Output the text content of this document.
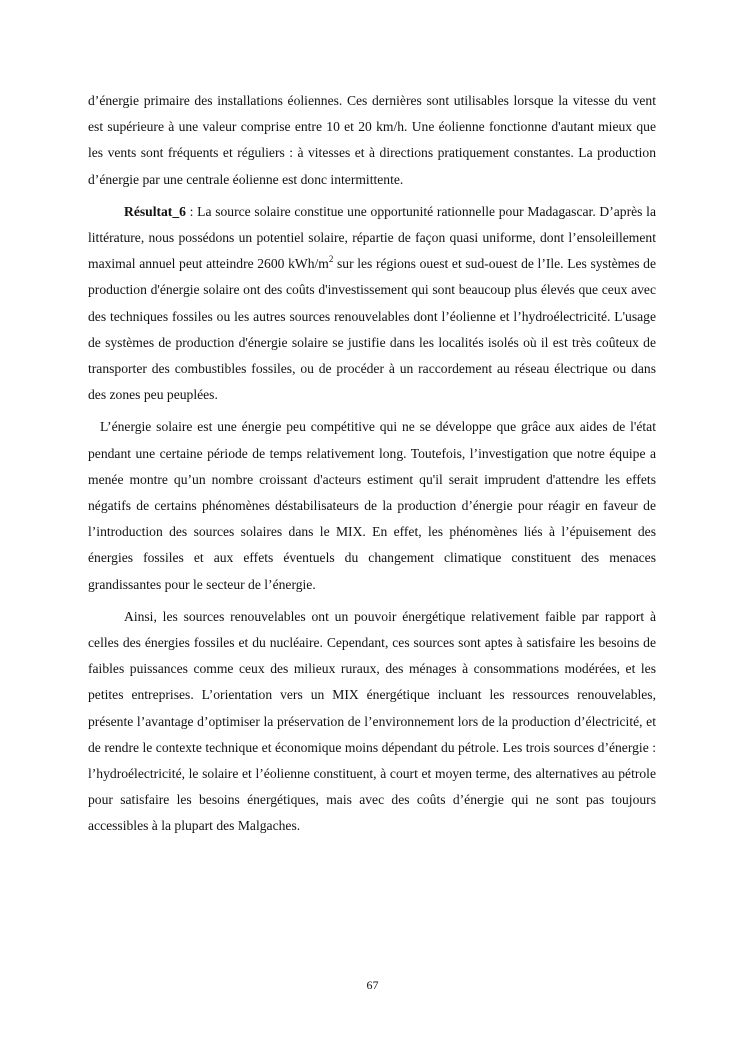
d’énergie primaire des installations éoliennes. Ces dernières sont utilisables lorsque la vitesse du vent est supérieure à une valeur comprise entre 10 et 20 km/h. Une éolienne fonctionne d'autant mieux que les vents sont fréquents et réguliers : à vitesses et à directions pratiquement constantes. La production d’énergie par une centrale éolienne est donc intermittente.

Résultat_6 : La source solaire constitue une opportunité rationnelle pour Madagascar. D’après la littérature, nous possédons un potentiel solaire, répartie de façon quasi uniforme, dont l’ensoleillement maximal annuel peut atteindre 2600 kWh/$m^2$ sur les régions ouest et sud-ouest de l’Ile. Les systèmes de production d'énergie solaire ont des coûts d'investissement qui sont beaucoup plus élevés que ceux avec des techniques fossiles ou les autres sources renouvelables dont l’éolienne et l’hydroélectricité. L'usage de systèmes de production d'énergie solaire se justifie dans les localités isolés où il est très coûteux de transporter des combustibles fossiles, ou de procéder à un raccordement au réseau électrique ou dans des zones peu peuplées.

L’énergie solaire est une énergie peu compétitive qui ne se développe que grâce aux aides de l'état pendant une certaine période de temps relativement long. Toutefois, l’investigation que notre équipe a menée montre qu’un nombre croissant d'acteurs estiment qu'il serait imprudent d'attendre les effets négatifs de certains phénomènes déstabilisateurs de la production d’énergie pour réagir en faveur de l’introduction des sources solaires dans le MIX. En effet, les phénomènes liés à l’épuisement des énergies fossiles et aux effets éventuels du changement climatique constituent des menaces grandissantes pour le secteur de l’énergie.

Ainsi, les sources renouvelables ont un pouvoir énergétique relativement faible par rapport à celles des énergies fossiles et du nucléaire. Cependant, ces sources sont aptes à satisfaire les besoins de faibles puissances comme ceux des milieux ruraux, des ménages à consommations modérées, et les petites entreprises. L’orientation vers un MIX énergétique incluant les ressources renouvelables, présente l’avantage d’optimiser la préservation de l’environnement lors de la production d’électricité, et de rendre le contexte technique et économique moins dépendant du pétrole. Les trois sources d’énergie : l’hydroélectricité, le solaire et l’éolienne constituent, à court et moyen terme, des alternatives au pétrole pour satisfaire les besoins énergétiques, mais avec des coûts d’énergie qui ne sont pas toujours accessibles à la plupart des Malgaches.

67
